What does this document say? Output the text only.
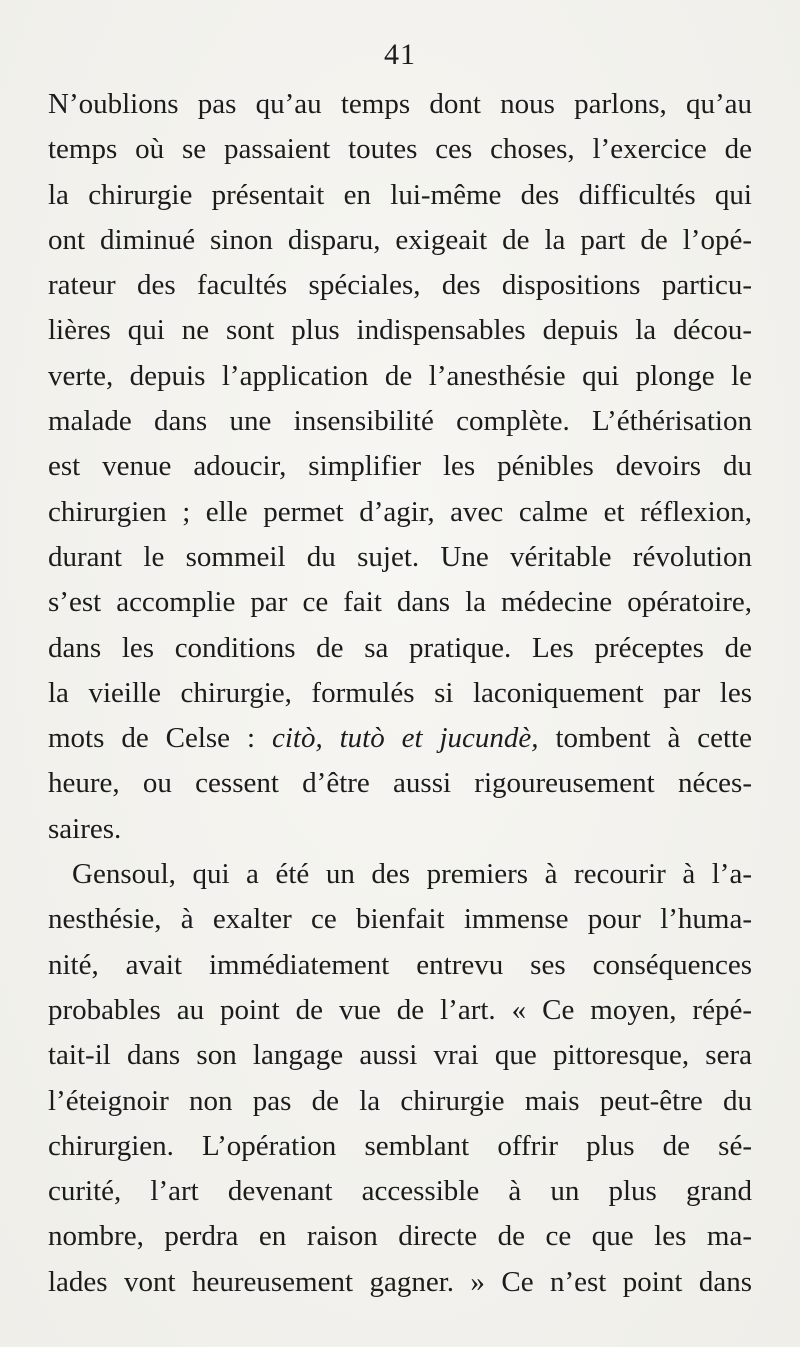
41
N’oublions pas qu’au temps dont nous parlons, qu’au
temps où se passaient toutes ces choses, l’exercice de
la chirurgie présentait en lui-même des difficultés qui
ont diminué sinon disparu, exigeait de la part de l’opé-
rateur des facultés spéciales, des dispositions particu-
lières qui ne sont plus indispensables depuis la décou-
verte, depuis l’application de l’anesthésie qui plonge le
malade dans une insensibilité complète. L’éthérisation
est venue adoucir, simplifier les pénibles devoirs du
chirurgien ; elle permet d’agir, avec calme et réflexion,
durant le sommeil du sujet. Une véritable révolution
s’est accomplie par ce fait dans la médecine opératoire,
dans les conditions de sa pratique. Les préceptes de
la vieille chirurgie, formulés si laconiquement par les
mots de Celse : citò, tutò et jucundè, tombent à cette
heure, ou cessent d’être aussi rigoureusement néces-
saires.
Gensoul, qui a été un des premiers à recourir à l’a-
nesthésie, à exalter ce bienfait immense pour l’huma-
nité, avait immédiatement entrevu ses conséquences
probables au point de vue de l’art. « Ce moyen, répé-
tait-il dans son langage aussi vrai que pittoresque, sera
l’éteignoir non pas de la chirurgie mais peut-être du
chirurgien. L’opération semblant offrir plus de sé-
curité, l’art devenant accessible à un plus grand
nombre, perdra en raison directe de ce que les ma-
lades vont heureusement gagner. » Ce n’est point dans
